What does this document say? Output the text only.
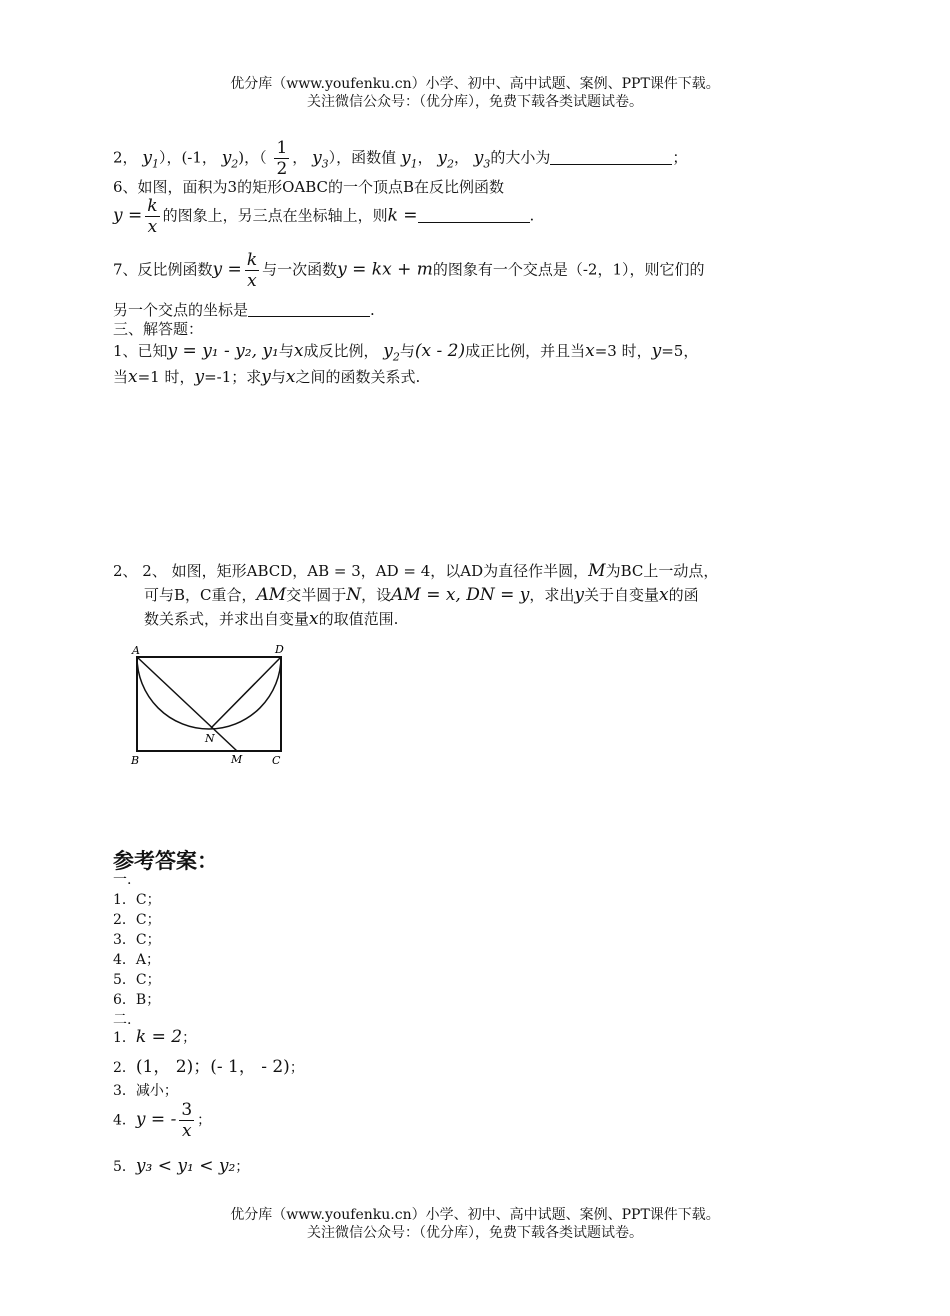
优分库（www.youfenku.cn）小学、初中、高中试题、案例、PPT课件下载。
关注微信公众号：（优分库），免费下载各类试题试卷。
2， $y_1$），(-1， $y_2$)，（ $\frac{1}{2}$ ， $y_3$），函数值 $y_1$， $y_2$， $y_3$的大小为	；
6、如图，面积为3的矩形OABC的一个顶点B在反比例函数
$y = \frac{k}{x}$ 的图象上，另三点在坐标轴上，则k =	.
7、反比例函数$y = \frac{k}{x}$ 与一次函数y = kx + m的图象有一个交点是（-2，1），则它们的
另一个交点的坐标是	.
三、解答题：
1、已知y = y₁ - y₂, y₁与x成反比例， $y_2$与(x - 2)成正比例，并且当x=3 时，y=5，
当x=1 时，y=-1；求y与x之间的函数关系式.
2、 2、 如图，矩形ABCD，AB = 3，AD = 4，以AD为直径作半圆，M为BC上一动点，
可与B，C重合，AM交半圆于N，设AM = x, DN = y，求出y关于自变量x的函
数关系式，并求出自变量x的取值范围.
A	D
B	C
N
M
参考答案：
一.
1．C；
2．C；
3．C；
4．A；
5．C；
6．B；
二.
1．k = 2；
2．(1， 2)；(- 1， - 2)；
3．减小；
4．y = - $\frac{3}{x}$ ；
5．y₃ < y₁ < y₂；
优分库（www.youfenku.cn）小学、初中、高中试题、案例、PPT课件下载。
关注微信公众号：（优分库），免费下载各类试题试卷。
